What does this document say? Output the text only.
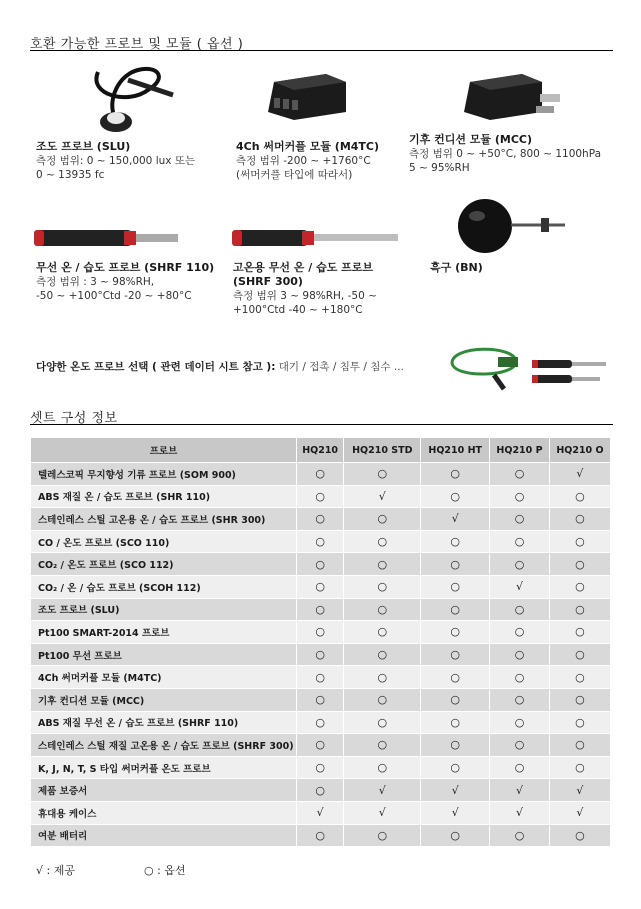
호환 가능한 프로브 및 모듈 ( 옵션 )
조도 프로브 (SLU)
측정 범위: 0 ~ 150,000 lux 또는
0 ~ 13935 fc
4Ch 써머커플 모듈 (M4TC)
측정 범위 -200 ~ +1760°C
(써머커플 타입에 따라서)
기후 컨디션 모듈 (MCC)
측정 범위 0 ~ +50°C, 800 ~ 1100hPa
5 ~ 95%RH
무선 온 / 습도 프로브 (SHRF 110)
측정 범위 : 3 ~ 98%RH,
-50 ~ +100°Ctd -20 ~ +80°C
고온용 무선 온 / 습도 프로브
(SHRF 300)
측정 범위 3 ~ 98%RH, -50 ~
+100°Ctd -40 ~ +180°C
흑구 (BN)
다양한 온도 프로브 선택 ( 관련 데이터 시트 참고 ): 대기 / 접촉 / 침투 / 침수 ...
셋트 구성 정보
프로브	HQ210	HQ210 STD	HQ210 HT	HQ210 P	HQ210 O
텔레스코픽 무지향성 기류 프로브 (SOM 900)	○	○	○	○	√
ABS 재질 온 / 습도 프로브 (SHR 110)	○	√	○	○	○
스테인레스 스틸 고온용 온 / 습도 프로브 (SHR 300)	○	○	√	○	○
CO / 온도 프로브 (SCO 110)	○	○	○	○	○
CO₂ / 온도 프로브 (SCO 112)	○	○	○	○	○
CO₂ / 온 / 습도 프로브 (SCOH 112)	○	○	○	√	○
조도 프로브 (SLU)	○	○	○	○	○
Pt100 SMART-2014 프로브	○	○	○	○	○
Pt100 무선 프로브	○	○	○	○	○
4Ch 써머커플 모듈 (M4TC)	○	○	○	○	○
기후 컨디션 모듈 (MCC)	○	○	○	○	○
ABS 재질 무선 온 / 습도 프로브 (SHRF 110)	○	○	○	○	○
스테인레스 스틸 재질 고온용 온 / 습도 프로브 (SHRF 300)	○	○	○	○	○
K, J, N, T, S 타입 써머커플 온도 프로브	○	○	○	○	○
제품 보증서	○	√	√	√	√
휴대용 케이스	√	√	√	√	√
여분 배터리	○	○	○	○	○
√ : 제공	○ : 옵션
